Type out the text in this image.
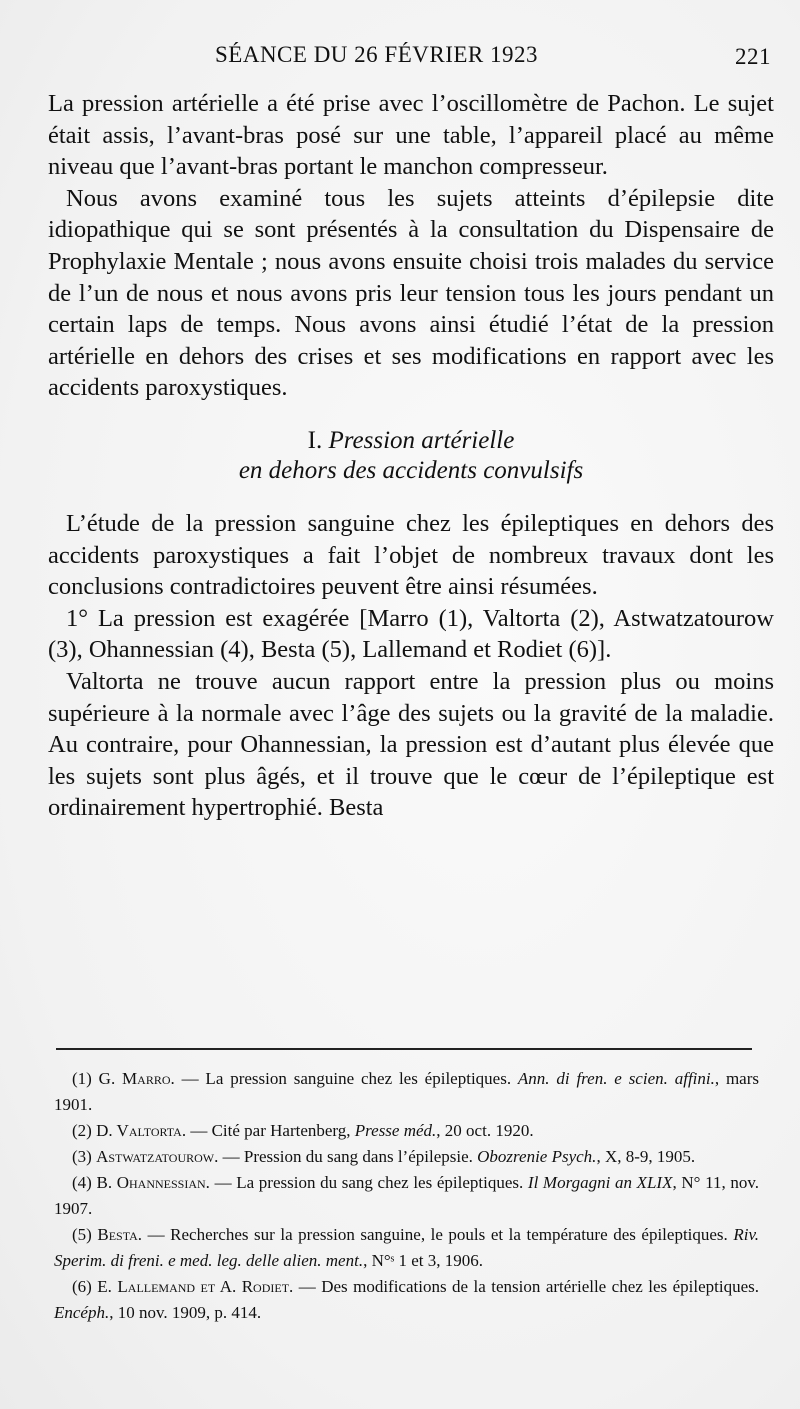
SÉANCE DU 26 FÉVRIER 1923	221

La pression artérielle a été prise avec l’oscillomètre de Pachon. Le sujet était assis, l’avant-bras posé sur une table, l’appareil placé au même niveau que l’avant-bras portant le manchon compresseur.

Nous avons examiné tous les sujets atteints d’épilepsie dite idiopathique qui se sont présentés à la consultation du Dispensaire de Prophylaxie Mentale ; nous avons ensuite choisi trois malades du service de l’un de nous et nous avons pris leur tension tous les jours pendant un certain laps de temps. Nous avons ainsi étudié l’état de la pression artérielle en dehors des crises et ses modifications en rapport avec les accidents paroxystiques.

I. Pression artérielle
en dehors des accidents convulsifs

L’étude de la pression sanguine chez les épileptiques en dehors des accidents paroxystiques a fait l’objet de nombreux travaux dont les conclusions contradictoires peuvent être ainsi résumées.

1° La pression est exagérée [Marro (1), Valtorta (2), Astwatzatourow (3), Ohannessian (4), Besta (5), Lallemand et Rodiet (6)].

Valtorta ne trouve aucun rapport entre la pression plus ou moins supérieure à la normale avec l’âge des sujets ou la gravité de la maladie. Au contraire, pour Ohannessian, la pression est d’autant plus élevée que les sujets sont plus âgés, et il trouve que le cœur de l’épileptique est ordinairement hypertrophié. Besta

(1) G. Marro. — La pression sanguine chez les épileptiques. Ann. di fren. e scien. affini., mars 1901.

(2) D. Valtorta. — Cité par Hartenberg, Presse méd., 20 oct. 1920.

(3) Astwatzatourow. — Pression du sang dans l’épilepsie. Obozrenie Psych., X, 8-9, 1905.

(4) B. Ohannessian. — La pression du sang chez les épileptiques. Il Morgagni an XLIX, N° 11, nov. 1907.

(5) Besta. — Recherches sur la pression sanguine, le pouls et la température des épileptiques. Riv. Sperim. di freni. e med. leg. delle alien. ment., N°ˢ 1 et 3, 1906.

(6) E. Lallemand et A. Rodiet. — Des modifications de la tension artérielle chez les épileptiques. Encéph., 10 nov. 1909, p. 414.
